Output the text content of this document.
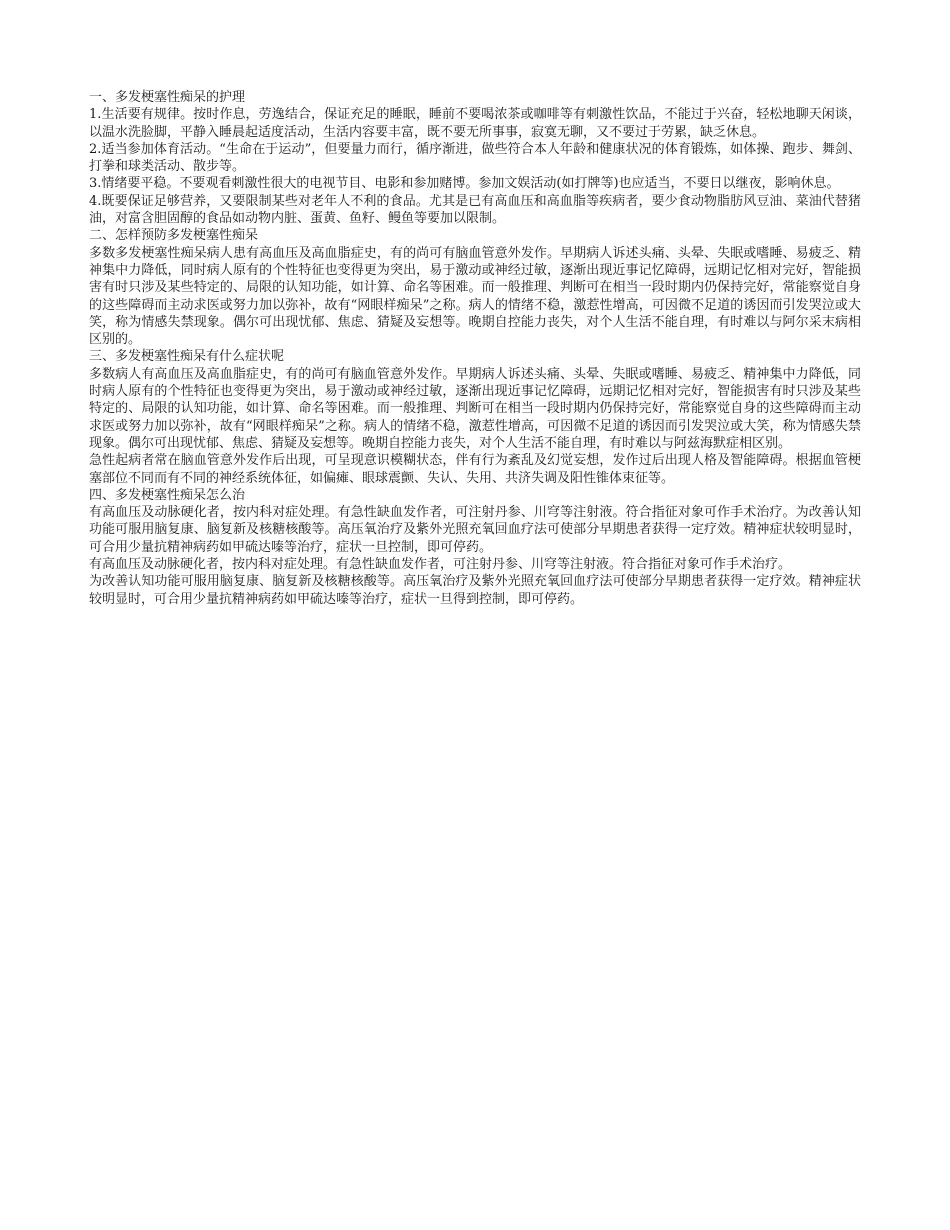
一、多发梗塞性痴呆的护理
1.生活要有规律。按时作息，劳逸结合，保证充足的睡眠，睡前不要喝浓茶或咖啡等有刺激性饮品，不能过于兴奋，轻松地聊天闲谈，以温水洗脸脚，平静入睡晨起适度活动，生活内容要丰富，既不要无所事事，寂寞无聊，又不要过于劳累，缺乏休息。
2.适当参加体育活动。“生命在于运动”，但要量力而行，循序渐进，做些符合本人年龄和健康状况的体育锻炼，如体操、跑步、舞剑、打拳和球类活动、散步等。
3.情绪要平稳。不要观看刺激性很大的电视节目、电影和参加赌博。参加文娱活动(如打牌等)也应适当，不要日以继夜，影响休息。
4.既要保证足够营养，又要限制某些对老年人不利的食品。尤其是已有高血压和高血脂等疾病者，要少食动物脂肪风豆油、菜油代替猪油，对富含胆固醇的食品如动物内脏、蛋黄、鱼籽、鳗鱼等要加以限制。
二、怎样预防多发梗塞性痴呆
多数多发梗塞性痴呆病人患有高血压及高血脂症史，有的尚可有脑血管意外发作。早期病人诉述头痛、头晕、失眠或嗜睡、易疲乏、精神集中力降低，同时病人原有的个性特征也变得更为突出，易于激动或神经过敏，逐渐出现近事记忆障碍，远期记忆相对完好，智能损害有时只涉及某些特定的、局限的认知功能，如计算、命名等困难。而一般推理、判断可在相当一段时期内仍保持完好，常能察觉自身的这些障碍而主动求医或努力加以弥补，故有“网眼样痴呆”之称。病人的情绪不稳，激惹性增高，可因微不足道的诱因而引发哭泣或大笑，称为情感失禁现象。偶尔可出现忧郁、焦虑、猜疑及妄想等。晚期自控能力丧失，对个人生活不能自理，有时难以与阿尔采末病相区别的。
三、多发梗塞性痴呆有什么症状呢
多数病人有高血压及高血脂症史，有的尚可有脑血管意外发作。早期病人诉述头痛、头晕、失眠或嗜睡、易疲乏、精神集中力降低，同时病人原有的个性特征也变得更为突出，易于激动或神经过敏，逐渐出现近事记忆障碍，远期记忆相对完好，智能损害有时只涉及某些特定的、局限的认知功能，如计算、命名等困难。而一般推理、判断可在相当一段时期内仍保持完好，常能察觉自身的这些障碍而主动求医或努力加以弥补，故有“网眼样痴呆”之称。病人的情绪不稳，激惹性增高，可因微不足道的诱因而引发哭泣或大笑，称为情感失禁现象。偶尔可出现忧郁、焦虑、猜疑及妄想等。晚期自控能力丧失，对个人生活不能自理，有时难以与阿兹海默症相区别。
急性起病者常在脑血管意外发作后出现，可呈现意识模糊状态，伴有行为紊乱及幻觉妄想，发作过后出现人格及智能障碍。根据血管梗塞部位不同而有不同的神经系统体征，如偏瘫、眼球震颤、失认、失用、共济失调及阳性锥体束征等。
四、多发梗塞性痴呆怎么治
有高血压及动脉硬化者，按内科对症处理。有急性缺血发作者，可注射丹参、川穹等注射液。符合指征对象可作手术治疗。为改善认知功能可服用脑复康、脑复新及核糖核酸等。高压氧治疗及紫外光照充氧回血疗法可使部分早期患者获得一定疗效。精神症状较明显时，可合用少量抗精神病药如甲硫达嗪等治疗，症状一旦控制，即可停药。
有高血压及动脉硬化者，按内科对症处理。有急性缺血发作者，可注射丹参、川穹等注射液。符合指征对象可作手术治疗。
为改善认知功能可服用脑复康、脑复新及核糖核酸等。高压氧治疗及紫外光照充氧回血疗法可使部分早期患者获得一定疗效。精神症状较明显时，可合用少量抗精神病药如甲硫达嗪等治疗，症状一旦得到控制，即可停药。
